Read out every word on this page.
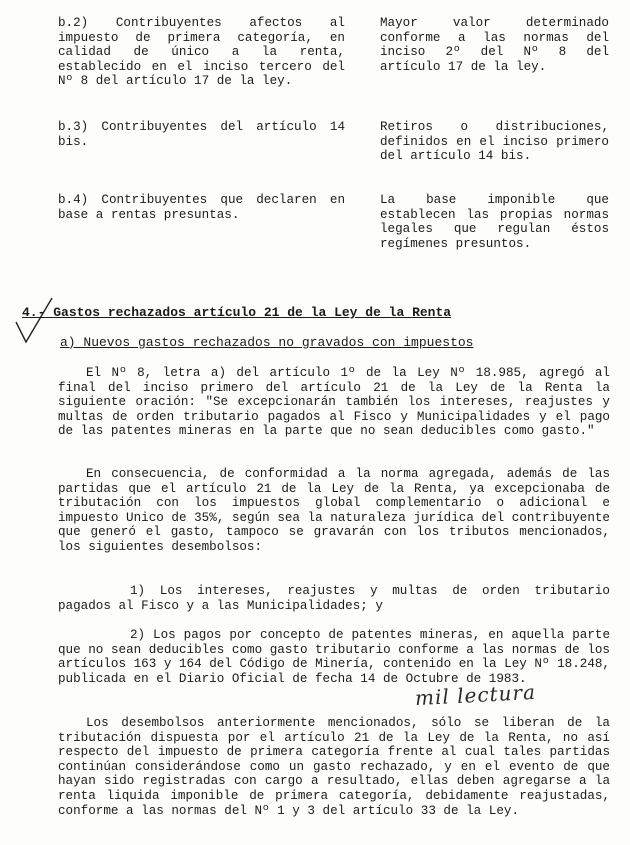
b.2) Contribuyentes afectos al impuesto de primera categoría, en calidad de único a la renta, establecido en el inciso tercero del Nº 8 del artículo 17 de la ley.
Mayor valor determinado conforme a las normas del inciso 2º del Nº 8 del artículo 17 de la ley.
b.3) Contribuyentes del artículo 14 bis.
Retiros o distribuciones, definidos en el inciso primero del artículo 14 bis.
b.4) Contribuyentes que declaren en base a rentas presuntas.
La base imponible que establecen las propias normas legales que regulan éstos regímenes presuntos.
4.- Gastos rechazados artículo 21 de la Ley de la Renta
a) Nuevos gastos rechazados no gravados con impuestos
El Nº 8, letra a) del artículo 1º de la Ley Nº 18.985, agregó al final del inciso primero del artículo 21 de la Ley de la Renta la siguiente oración: "Se excepcionarán también los intereses, reajustes y multas de orden tributario pagados al Fisco y Municipalidades y el pago de las patentes mineras en la parte que no sean deducibles como gasto."
En consecuencia, de conformidad a la norma agregada, además de las partidas que el artículo 21 de la Ley de la Renta, ya excepcionaba de tributación con los impuestos global complementario o adicional e impuesto Unico de 35%, según sea la naturaleza jurídica del contribuyente que generó el gasto, tampoco se gravarán con los tributos mencionados, los siguientes desembolsos:
1) Los intereses, reajustes y multas de orden tributario pagados al Fisco y a las Municipalidades; y
2) Los pagos por concepto de patentes mineras, en aquella parte que no sean deducibles como gasto tributario conforme a las normas de los artículos 163 y 164 del Código de Minería, contenido en la Ley Nº 18.248, publicada en el Diario Oficial de fecha 14 de Octubre de 1983.
mil lectura
Los desembolsos anteriormente mencionados, sólo se liberan de la tributación dispuesta por el artículo 21 de la Ley de la Renta, no así respecto del impuesto de primera categoría frente al cual tales partidas continúan considerándose como un gasto rechazado, y en el evento de que hayan sido registradas con cargo a resultado, ellas deben agregarse a la renta liquida imponible de primera categoría, debidamente reajustadas, conforme a las normas del Nº 1 y 3 del artículo 33 de la Ley.
